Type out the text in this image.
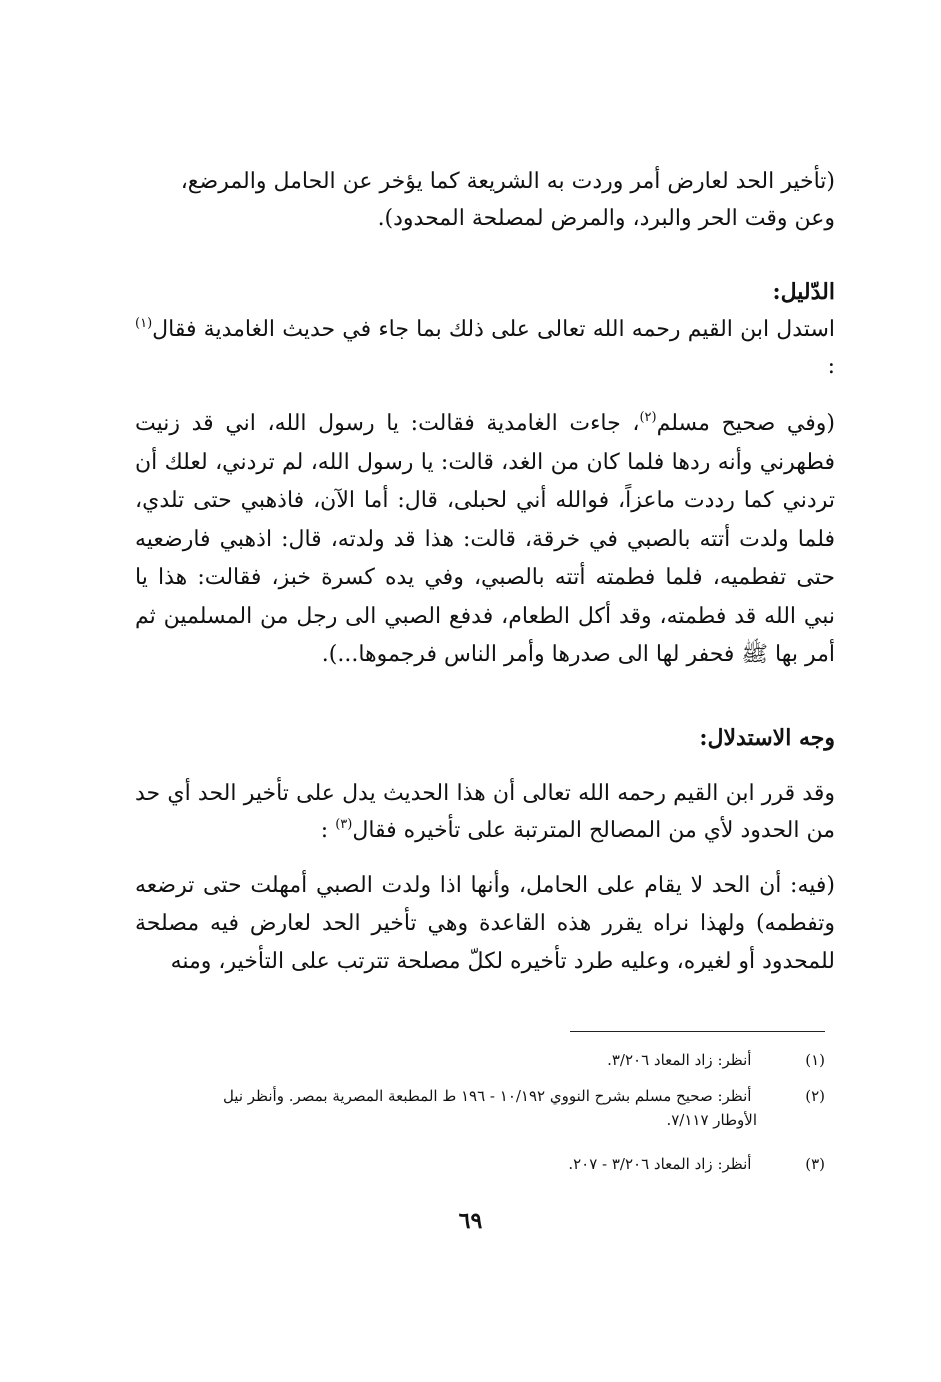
(تأخير الحد لعارض أمر وردت به الشريعة كما يؤخر عن الحامل والمرضع،

وعن وقت الحر والبرد، والمرض لمصلحة المحدود).

الدّليل:

استدل ابن القيم رحمه الله تعالى على ذلك بما جاء في حديث الغامدية فقال$^{(١)}$ :

(وفي صحيح مسلم$^{(٢)}$، جاءت الغامدية فقالت: يا رسول الله، اني قد زنيت فطهرني وأنه ردها فلما كان من الغد، قالت: يا رسول الله، لم تردني، لعلك أن تردني كما رددت ماعزاً، فوالله أني لحبلى، قال: أما الآن، فاذهبي حتى تلدي، فلما ولدت أتته بالصبي في خرقة، قالت: هذا قد ولدته، قال: اذهبي فارضعيه حتى تفطميه، فلما فطمته أتته بالصبي، وفي يده كسرة خبز، فقالت: هذا يا نبي الله قد فطمته، وقد أكل الطعام، فدفع الصبي الى رجل من المسلمين ثم أمر بها ﷺ فحفر لها الى صدرها وأمر الناس فرجموها...).

وجه الاستدلال:

وقد قرر ابن القيم رحمه الله تعالى أن هذا الحديث يدل على تأخير الحد أي حد من الحدود لأي من المصالح المترتبة على تأخيره فقال$^{(٣)}$ :

(فيه: أن الحد لا يقام على الحامل، وأنها اذا ولدت الصبي أمهلت حتى ترضعه وتفطمه) ولهذا نراه يقرر هذه القاعدة وهي تأخير الحد لعارض فيه مصلحة للمحدود أو لغيره، وعليه طرد تأخيره لكلّ مصلحة تترتب على التأخير، ومنه

(١)  أنظر: زاد المعاد ٣/٢٠٦.
(٢)  أنظر: صحيح مسلم بشرح النووي ١٠/١٩٢ - ١٩٦ ط المطبعة المصرية بمصر. وأنظر نيل
الأوطار ٧/١١٧.
(٣)  أنظر: زاد المعاد ٣/٢٠٦ - ٢٠٧.
٦٩
